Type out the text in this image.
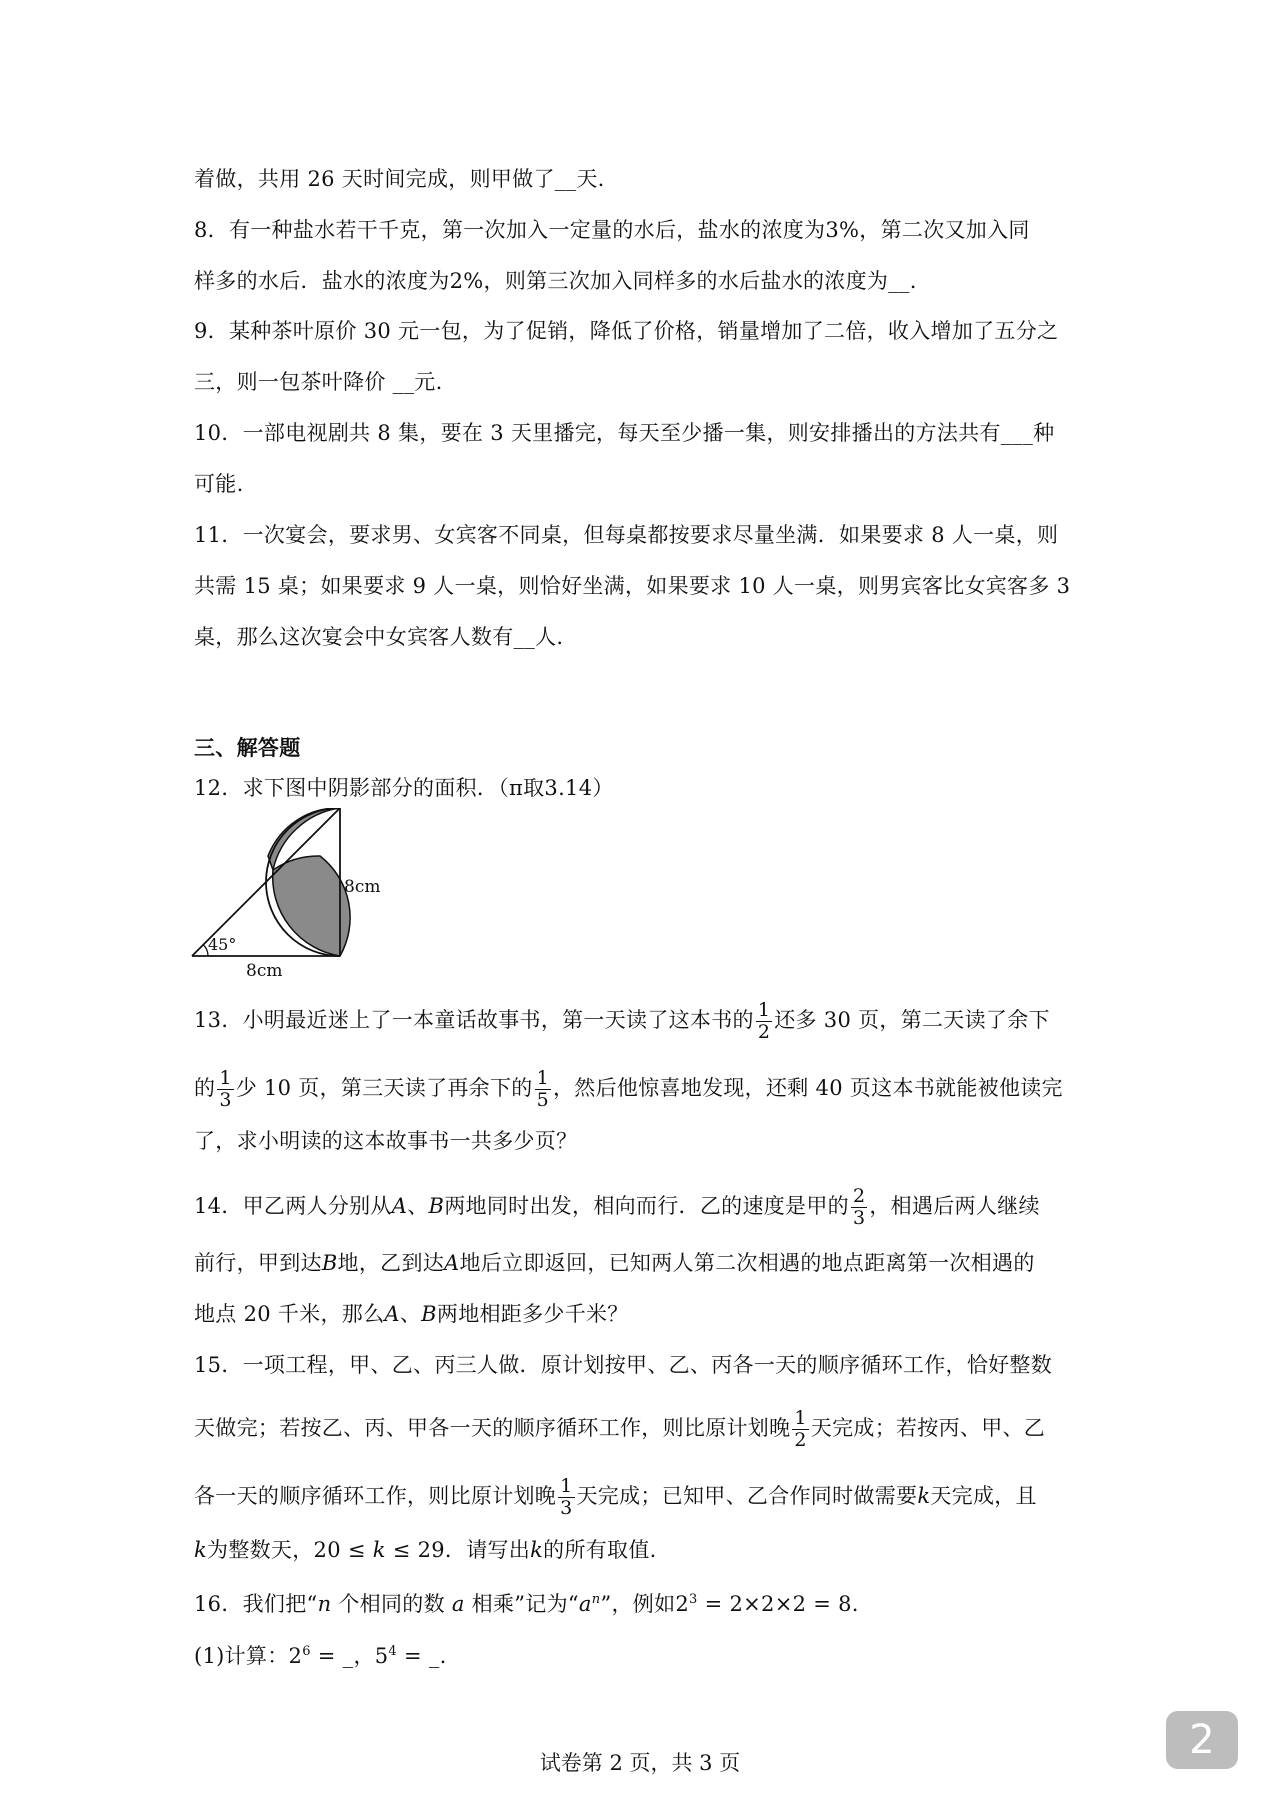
着做，共用 26 天时间完成，则甲做了__天.
8．有一种盐水若干千克，第一次加入一定量的水后，盐水的浓度为3%，第二次又加入同
样多的水后．盐水的浓度为2%，则第三次加入同样多的水后盐水的浓度为__.
9．某种茶叶原价 30 元一包，为了促销，降低了价格，销量增加了二倍，收入增加了五分之
三，则一包茶叶降价 __元.
10．一部电视剧共 8 集，要在 3 天里播完，每天至少播一集，则安排播出的方法共有___种
可能.
11．一次宴会，要求男、女宾客不同桌，但每桌都按要求尽量坐满．如果要求 8 人一桌，则
共需 15 桌；如果要求 9 人一桌，则恰好坐满，如果要求 10 人一桌，则男宾客比女宾客多 3
桌，那么这次宴会中女宾客人数有__人.
三、解答题
12．求下图中阴影部分的面积．（π取3.14）
45°
8cm
8cm
13．小明最近迷上了一本童话故事书，第一天读了这本书的 $\frac{1}{2}$ 还多 30 页，第二天读了余下
的 $\frac{1}{3}$ 少 10 页，第三天读了再余下的 $\frac{1}{5}$ ，然后他惊喜地发现，还剩 40 页这本书就能被他读完
了，求小明读的这本故事书一共多少页？
14．甲乙两人分别从A、B两地同时出发，相向而行．乙的速度是甲的 $\frac{2}{3}$ ，相遇后两人继续
前行，甲到达B地，乙到达A地后立即返回，已知两人第二次相遇的地点距离第一次相遇的
地点 20 千米，那么A、B两地相距多少千米？
15．一项工程，甲、乙、丙三人做．原计划按甲、乙、丙各一天的顺序循环工作，恰好整数
天做完；若按乙、丙、甲各一天的顺序循环工作，则比原计划晚 $\frac{1}{2}$ 天完成；若按丙、甲、乙
各一天的顺序循环工作，则比原计划晚 $\frac{1}{3}$ 天完成；已知甲、乙合作同时做需要k天完成，且
k为整数天，20 ≤ k ≤ 29．请写出k的所有取值.
16．我们把“n 个相同的数 a 相乘”记为“$a^n$”，例如$2^3 = 2\times 2\times 2 = 8$.
(1)计算：$2^6$ = _，$5^4$ = _.
2
试卷第 2 页，共 3 页
